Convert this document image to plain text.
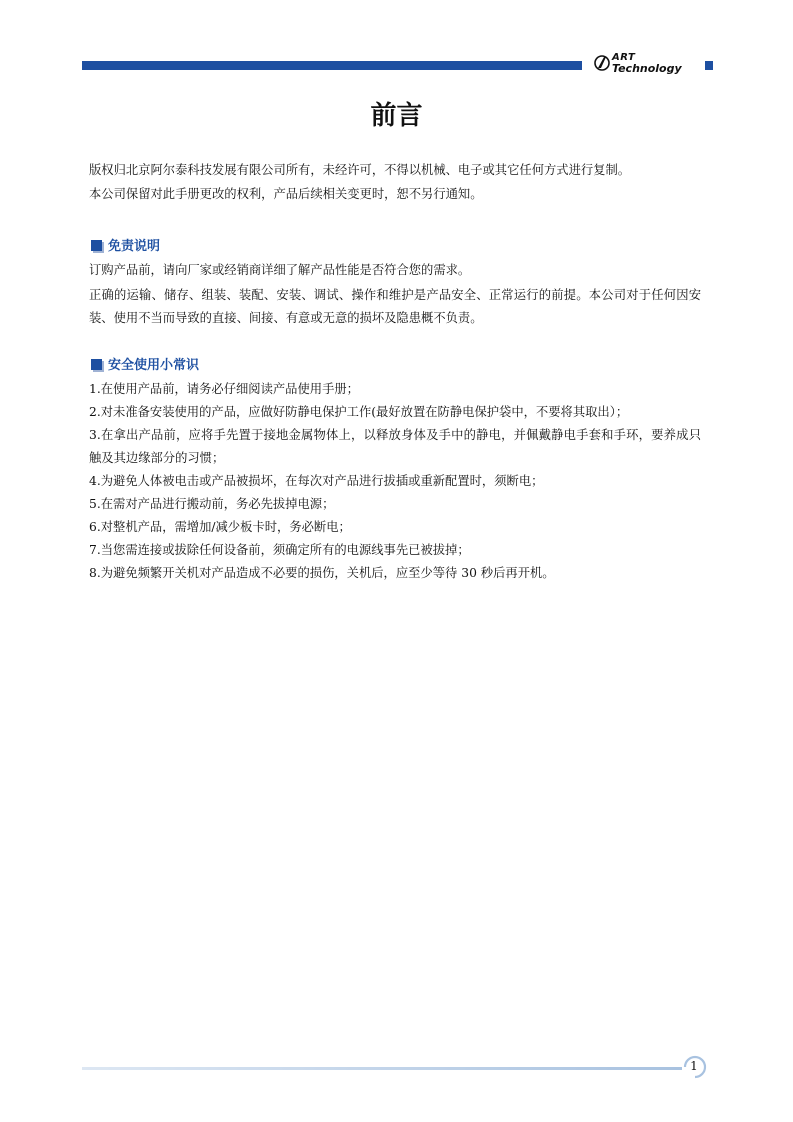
ART
Technology
前言

版权归北京阿尔泰科技发展有限公司所有，未经许可，不得以机械、电子或其它任何方式进行复制。

本公司保留对此手册更改的权利，产品后续相关变更时，恕不另行通知。

免责说明

订购产品前，请向厂家或经销商详细了解产品性能是否符合您的需求。

正确的运输、储存、组装、装配、安装、调试、操作和维护是产品安全、正常运行的前提。本公司对于任何因安装、使用不当而导致的直接、间接、有意或无意的损坏及隐患概不负责。

安全使用小常识
1.在使用产品前，请务必仔细阅读产品使用手册；
2.对未准备安装使用的产品，应做好防静电保护工作(最好放置在防静电保护袋中，不要将其取出）；
3.在拿出产品前，应将手先置于接地金属物体上，以释放身体及手中的静电，并佩戴静电手套和手环，要养成只触及其边缘部分的习惯；
4.为避免人体被电击或产品被损坏，在每次对产品进行拔插或重新配置时，须断电；
5.在需对产品进行搬动前，务必先拔掉电源；
6.对整机产品，需增加/减少板卡时，务必断电；
7.当您需连接或拔除任何设备前，须确定所有的电源线事先已被拔掉；
8.为避免频繁开关机对产品造成不必要的损伤，关机后，应至少等待 30 秒后再开机。
1
